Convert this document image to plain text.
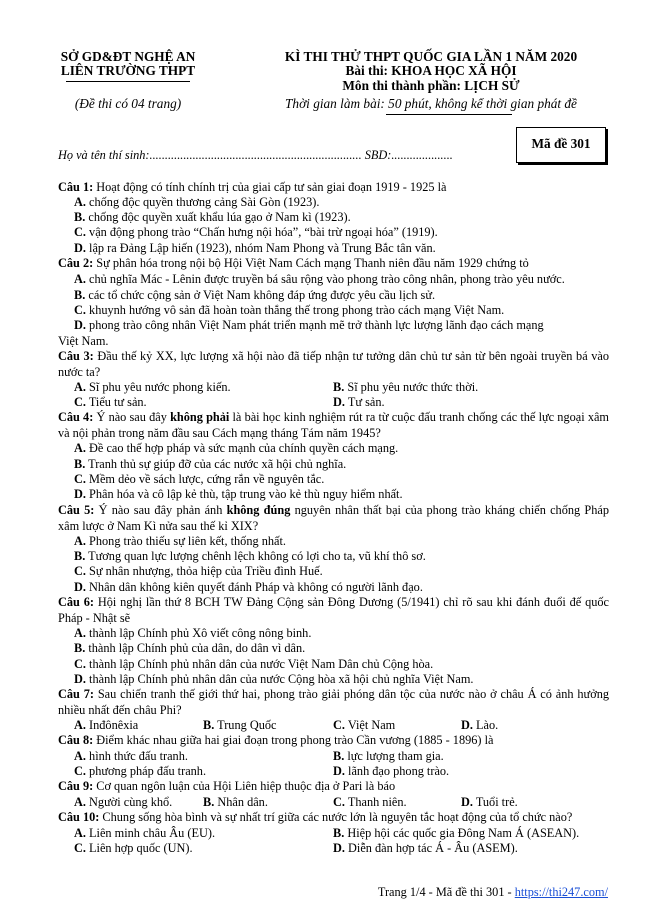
SỞ GD&ĐT NGHỆ AN
LIÊN TRƯỜNG THPT
(Đề thi có 04 trang)
KÌ THI THỬ THPT QUỐC GIA LẦN 1 NĂM 2020
Bài thi: KHOA HỌC XÃ HỘI
Môn thi thành phần: LỊCH SỬ
Thời gian làm bài: 50 phút, không kể thời gian phát đề
Mã đề 301
Họ và tên thí sinh:..................................................................... SBD:....................
Câu 1: Hoạt động có tính chính trị của giai cấp tư sản giai đoạn 1919 - 1925 là
A. chống độc quyền thương cảng Sài Gòn (1923).
B. chống độc quyền xuất khẩu lúa gạo ở Nam kì (1923).
C. vận động phong trào “Chấn hưng nội hóa”, “bài trừ ngoại hóa” (1919).
D. lập ra Đảng Lập hiến (1923), nhóm Nam Phong và Trung Bắc tân văn.
Câu 2: Sự phân hóa trong nội bộ Hội Việt Nam Cách mạng Thanh niên đầu năm 1929 chứng tỏ
A. chủ nghĩa Mác - Lênin được truyền bá sâu rộng vào phong trào công nhân, phong trào yêu nước.
B. các tổ chức cộng sản ở Việt Nam không đáp ứng được yêu cầu lịch sử.
C. khuynh hướng vô sản đã hoàn toàn thắng thế trong phong trào cách mạng Việt Nam.
D. phong trào công nhân Việt Nam phát triển mạnh mẽ trở thành lực lượng lãnh đạo cách mạng
Việt Nam.
Câu 3: Đầu thế kỷ XX, lực lượng xã hội nào đã tiếp nhận tư tưởng dân chủ tư sản từ bên ngoài truyền bá vào nước ta?
A. Sĩ phu yêu nước phong kiến.	B. Sĩ phu yêu nước thức thời.
C. Tiểu tư sản.	D. Tư sản.
Câu 4: Ý nào sau đây không phải là bài học kinh nghiệm rút ra từ cuộc đấu tranh chống các thế lực ngoại xâm và nội phản trong năm đầu sau Cách mạng tháng Tám năm 1945?
A. Đề cao thế hợp pháp và sức mạnh của chính quyền cách mạng.
B. Tranh thủ sự giúp đỡ của các nước xã hội chủ nghĩa.
C. Mềm dẻo về sách lược, cứng rắn về nguyên tắc.
D. Phân hóa và cô lập kẻ thù, tập trung vào kẻ thù nguy hiểm nhất.
Câu 5: Ý nào sau đây phản ánh không đúng nguyên nhân thất bại của phong trào kháng chiến chống Pháp xâm lược ở Nam Kì nửa sau thế kỉ XIX?
A. Phong trào thiếu sự liên kết, thống nhất.
B. Tương quan lực lượng chênh lệch không có lợi cho ta, vũ khí thô sơ.
C. Sự nhân nhượng, thỏa hiệp của Triều đình Huế.
D. Nhân dân không kiên quyết đánh Pháp và không có người lãnh đạo.
Câu 6: Hội nghị lần thứ 8 BCH TW Đảng Cộng sản Đông Dương (5/1941) chỉ rõ sau khi đánh đuổi đế quốc Pháp - Nhật sẽ
A. thành lập Chính phủ Xô viết công nông binh.
B. thành lập Chính phủ của dân, do dân vì dân.
C. thành lập Chính phủ nhân dân của nước Việt Nam Dân chủ Cộng hòa.
D. thành lập Chính phủ nhân dân của nước Cộng hòa xã hội chủ nghĩa Việt Nam.
Câu 7: Sau chiến tranh thế giới thứ hai, phong trào giải phóng dân tộc của nước nào ở châu Á có ảnh hưởng nhiều nhất đến châu Phi?
A. Inđônêxia	B. Trung Quốc	C. Việt Nam	D. Lào.
Câu 8: Điểm khác nhau giữa hai giai đoạn trong phong trào Cần vương (1885 - 1896) là
A. hình thức đấu tranh.	B. lực lượng tham gia.
C. phương pháp đấu tranh.	D. lãnh đạo phong trào.
Câu 9: Cơ quan ngôn luận của Hội Liên hiệp thuộc địa ở Pari là báo
A. Người cùng khổ.	B. Nhân dân.	C. Thanh niên.	D. Tuổi trẻ.
Câu 10: Chung sống hòa bình và sự nhất trí giữa các nước lớn là nguyên tắc hoạt động của tổ chức nào?
A. Liên minh châu Âu (EU).	B. Hiệp hội các quốc gia Đông Nam Á (ASEAN).
C. Liên hợp quốc (UN).	D. Diễn đàn hợp tác Á - Âu (ASEM).
Trang 1/4 - Mã đề thi 301 - https://thi247.com/
